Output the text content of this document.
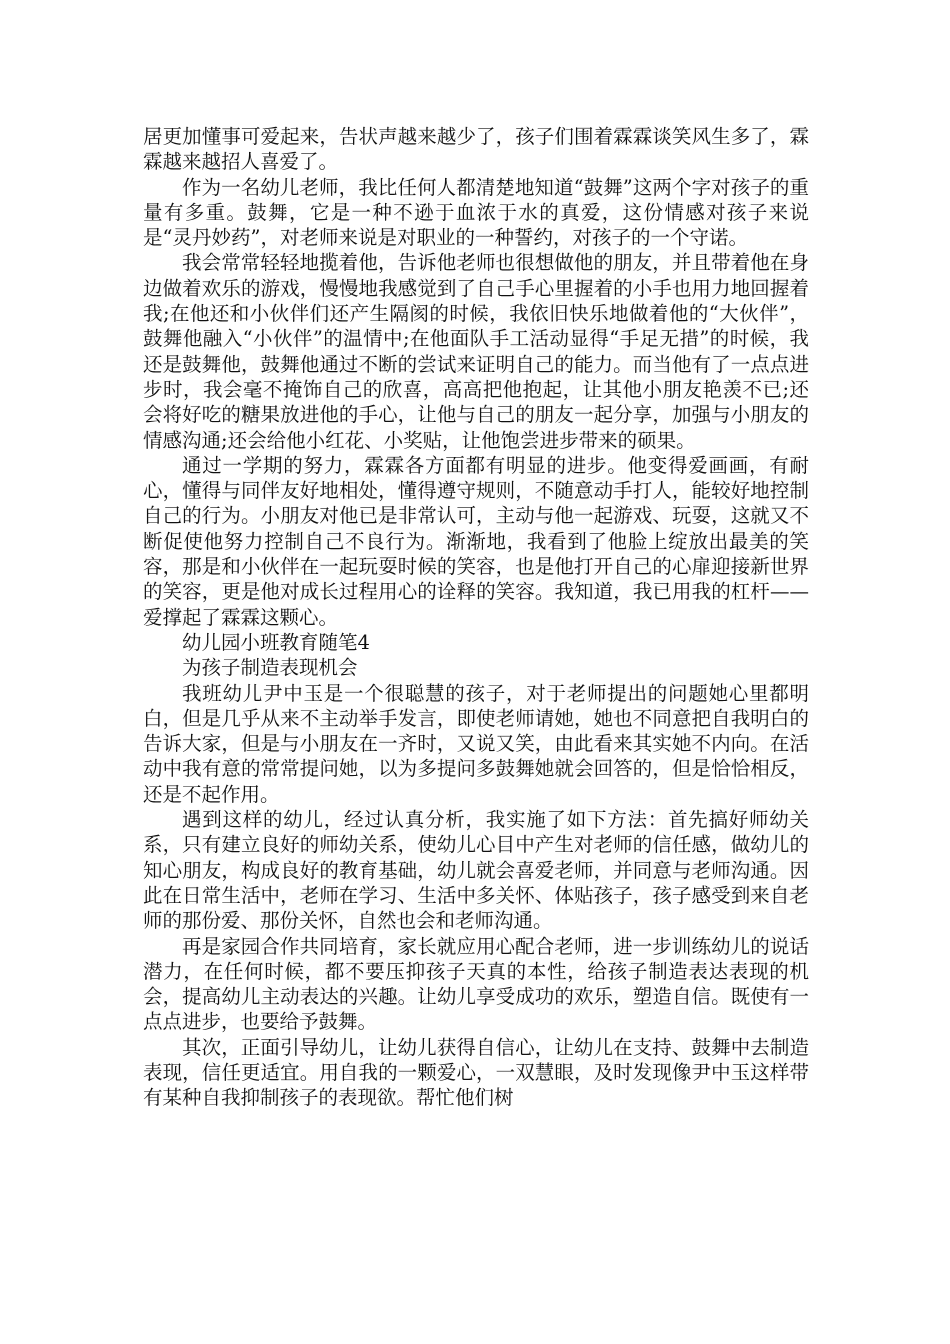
居更加懂事可爱起来，告状声越来越少了，孩子们围着霖霖谈笑风生多了，霖霖越来越招人喜爱了。

作为一名幼儿老师，我比任何人都清楚地知道“鼓舞”这两个字对孩子的重量有多重。鼓舞，它是一种不逊于血浓于水的真爱，这份情感对孩子来说是“灵丹妙药”，对老师来说是对职业的一种誓约，对孩子的一个守诺。

我会常常轻轻地揽着他，告诉他老师也很想做他的朋友，并且带着他在身边做着欢乐的游戏，慢慢地我感觉到了自己手心里握着的小手也用力地回握着我;在他还和小伙伴们还产生隔阂的时候，我依旧快乐地做着他的“大伙伴”，鼓舞他融入“小伙伴”的温情中;在他面队手工活动显得“手足无措”的时候，我还是鼓舞他，鼓舞他通过不断的尝试来证明自己的能力。而当他有了一点点进步时，我会毫不掩饰自己的欣喜，高高把他抱起，让其他小朋友艳羡不已;还会将好吃的糖果放进他的手心，让他与自己的朋友一起分享，加强与小朋友的情感沟通;还会给他小红花、小奖贴，让他饱尝进步带来的硕果。

通过一学期的努力，霖霖各方面都有明显的进步。他变得爱画画，有耐心，懂得与同伴友好地相处，懂得遵守规则，不随意动手打人，能较好地控制自己的行为。小朋友对他已是非常认可，主动与他一起游戏、玩耍，这就又不断促使他努力控制自己不良行为。渐渐地，我看到了他脸上绽放出最美的笑容，那是和小伙伴在一起玩耍时候的笑容，也是他打开自己的心扉迎接新世界的笑容，更是他对成长过程用心的诠释的笑容。我知道，我已用我的杠杆——爱撑起了霖霖这颗心。

幼儿园小班教育随笔4

为孩子制造表现机会

我班幼儿尹中玉是一个很聪慧的孩子，对于老师提出的问题她心里都明白，但是几乎从来不主动举手发言，即使老师请她，她也不同意把自我明白的告诉大家，但是与小朋友在一齐时，又说又笑，由此看来其实她不内向。在活动中我有意的常常提问她，以为多提问多鼓舞她就会回答的，但是恰恰相反，还是不起作用。

遇到这样的幼儿，经过认真分析，我实施了如下方法：首先搞好师幼关系，只有建立良好的师幼关系，使幼儿心目中产生对老师的信任感，做幼儿的知心朋友，构成良好的教育基础，幼儿就会喜爱老师，并同意与老师沟通。因此在日常生活中，老师在学习、生活中多关怀、体贴孩子，孩子感受到来自老师的那份爱、那份关怀，自然也会和老师沟通。

再是家园合作共同培育，家长就应用心配合老师，进一步训练幼儿的说话潜力，在任何时候，都不要压抑孩子天真的本性，给孩子制造表达表现的机会，提高幼儿主动表达的兴趣。让幼儿享受成功的欢乐，塑造自信。既使有一点点进步，也要给予鼓舞。

其次，正面引导幼儿，让幼儿获得自信心，让幼儿在支持、鼓舞中去制造表现，信任更适宜。用自我的一颗爱心，一双慧眼，及时发现像尹中玉这样带有某种自我抑制孩子的表现欲。帮忙他们树
